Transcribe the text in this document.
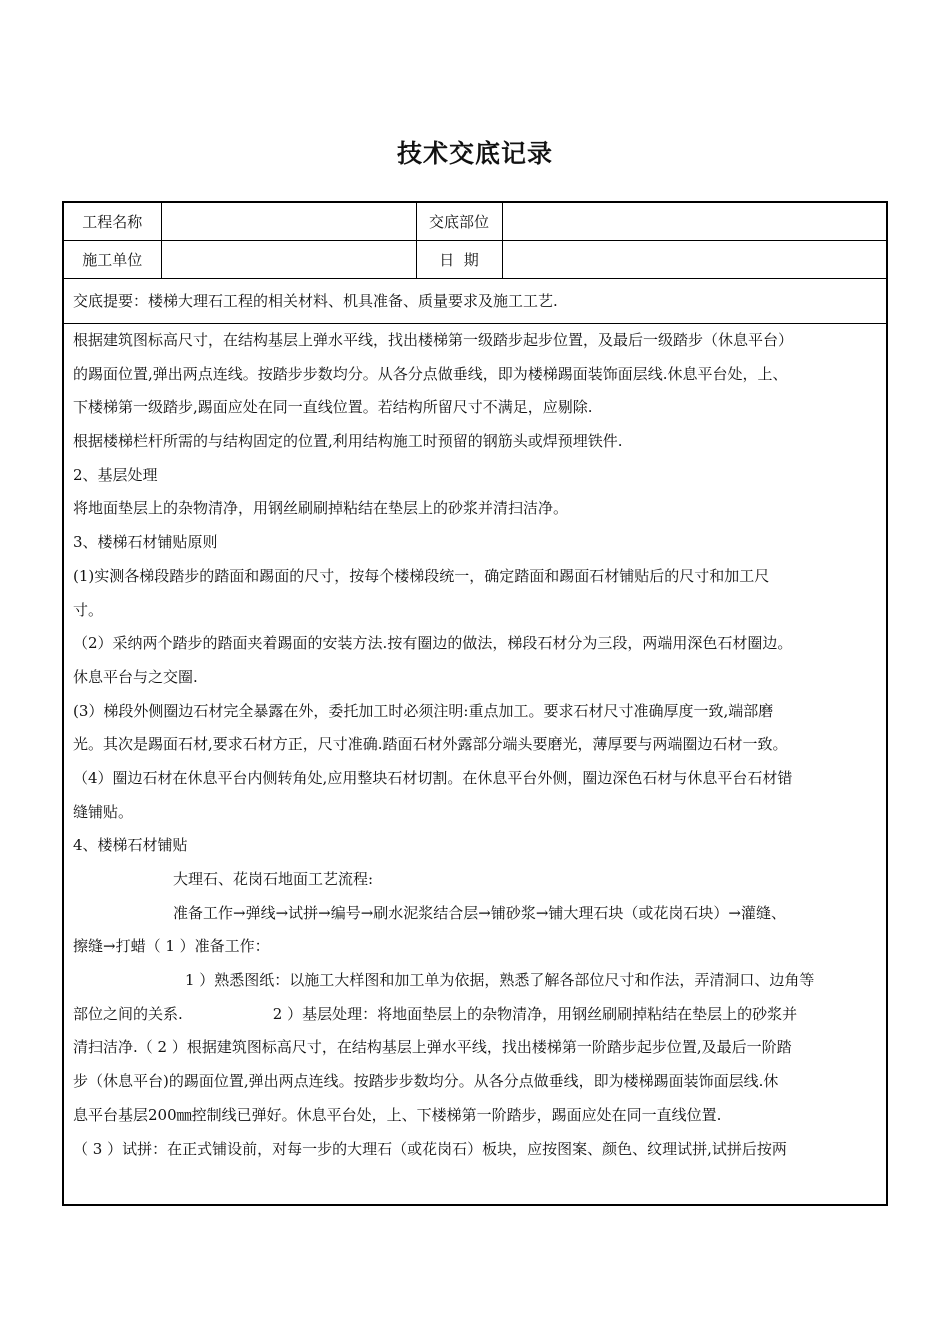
技术交底记录
工程名称		交底部位	
施工单位		日  期	
交底提要：楼梯大理石工程的相关材料、机具准备、质量要求及施工工艺.
根据建筑图标高尺寸，在结构基层上弹水平线，找出楼梯第一级踏步起步位置，及最后一级踏步（休息平台）
的踢面位置,弹出两点连线。按踏步步数均分。从各分点做垂线，即为楼梯踢面装饰面层线.休息平台处，上、
下楼梯第一级踏步,踢面应处在同一直线位置。若结构所留尺寸不满足，应剔除.
根据楼梯栏杆所需的与结构固定的位置,利用结构施工时预留的钢筋头或焊预埋铁件.
2、基层处理
将地面垫层上的杂物清净，用钢丝刷刷掉粘结在垫层上的砂浆并清扫洁净。
3、楼梯石材铺贴原则
(1)实测各梯段踏步的踏面和踢面的尺寸，按每个楼梯段统一，确定踏面和踢面石材铺贴后的尺寸和加工尺
寸。
（2）采纳两个踏步的踏面夹着踢面的安装方法.按有圈边的做法，梯段石材分为三段，两端用深色石材圈边。
休息平台与之交圈.
(3）梯段外侧圈边石材完全暴露在外，委托加工时必须注明:重点加工。要求石材尺寸准确厚度一致,端部磨
光。其次是踢面石材,要求石材方正，尺寸准确.踏面石材外露部分端头要磨光，薄厚要与两端圈边石材一致。
（4）圈边石材在休息平台内侧转角处,应用整块石材切割。在休息平台外侧，圈边深色石材与休息平台石材错
缝铺贴。
4、楼梯石材铺贴
大理石、花岗石地面工艺流程:
准备工作→弹线→试拼→编号→刷水泥浆结合层→铺砂浆→铺大理石块（或花岗石块）→灌缝、
擦缝→打蜡（ 1 ）准备工作：
1 ）熟悉图纸：以施工大样图和加工单为依据，熟悉了解各部位尺寸和作法，弄清洞口、边角等
部位之间的关系.	2 ）基层处理：将地面垫层上的杂物清净，用钢丝刷刷掉粘结在垫层上的砂浆并
清扫洁净.（ 2 ）根据建筑图标高尺寸，在结构基层上弹水平线，找出楼梯第一阶踏步起步位置,及最后一阶踏
步（休息平台)的踢面位置,弹出两点连线。按踏步步数均分。从各分点做垂线，即为楼梯踢面装饰面层线.休
息平台基层200㎜控制线已弹好。休息平台处，上、下楼梯第一阶踏步，踢面应处在同一直线位置.
（ 3 ）试拼：在正式铺设前，对每一步的大理石（或花岗石）板块，应按图案、颜色、纹理试拼,试拼后按两
